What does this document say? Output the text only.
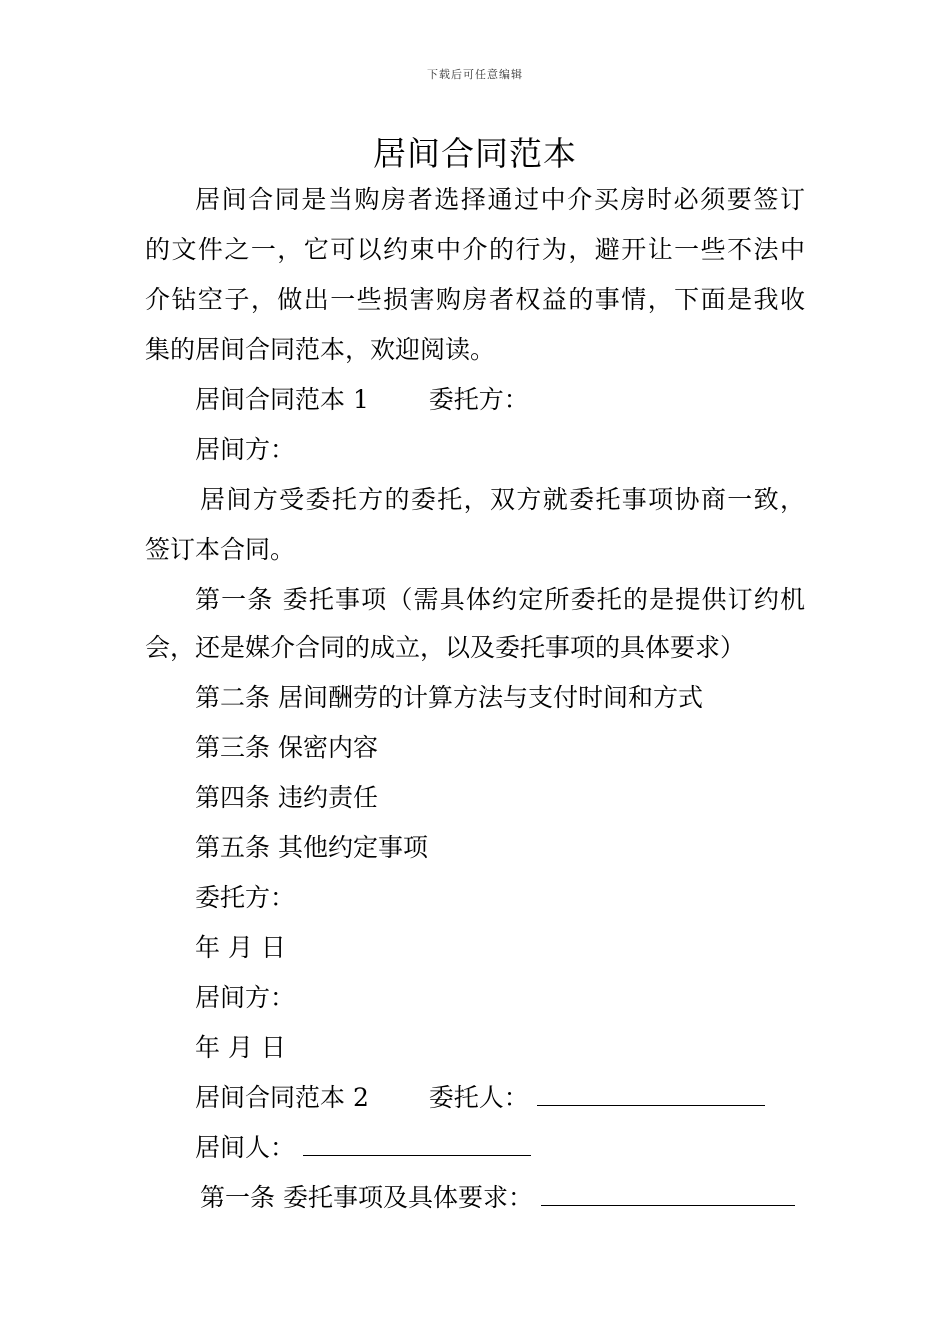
下载后可任意编辑
居间合同范本
居间合同是当购房者选择通过中介买房时必须要签订
的文件之一，它可以约束中介的行为，避开让一些不法中
介钻空子，做出一些损害购房者权益的事情，下面是我收
集的居间合同范本，欢迎阅读。
居间合同范本 1 委托方：
居间方：
居间方受委托方的委托，双方就委托事项协商一致，
签订本合同。
第一条 委托事项（需具体约定所委托的是提供订约机
会，还是媒介合同的成立，以及委托事项的具体要求）
第二条 居间酬劳的计算方法与支付时间和方式
第三条 保密内容
第四条 违约责任
第五条 其他约定事项
委托方：
年 月 日
居间方：
年 月 日
居间合同范本 2 委托人：
居间人：
第一条 委托事项及具体要求：
